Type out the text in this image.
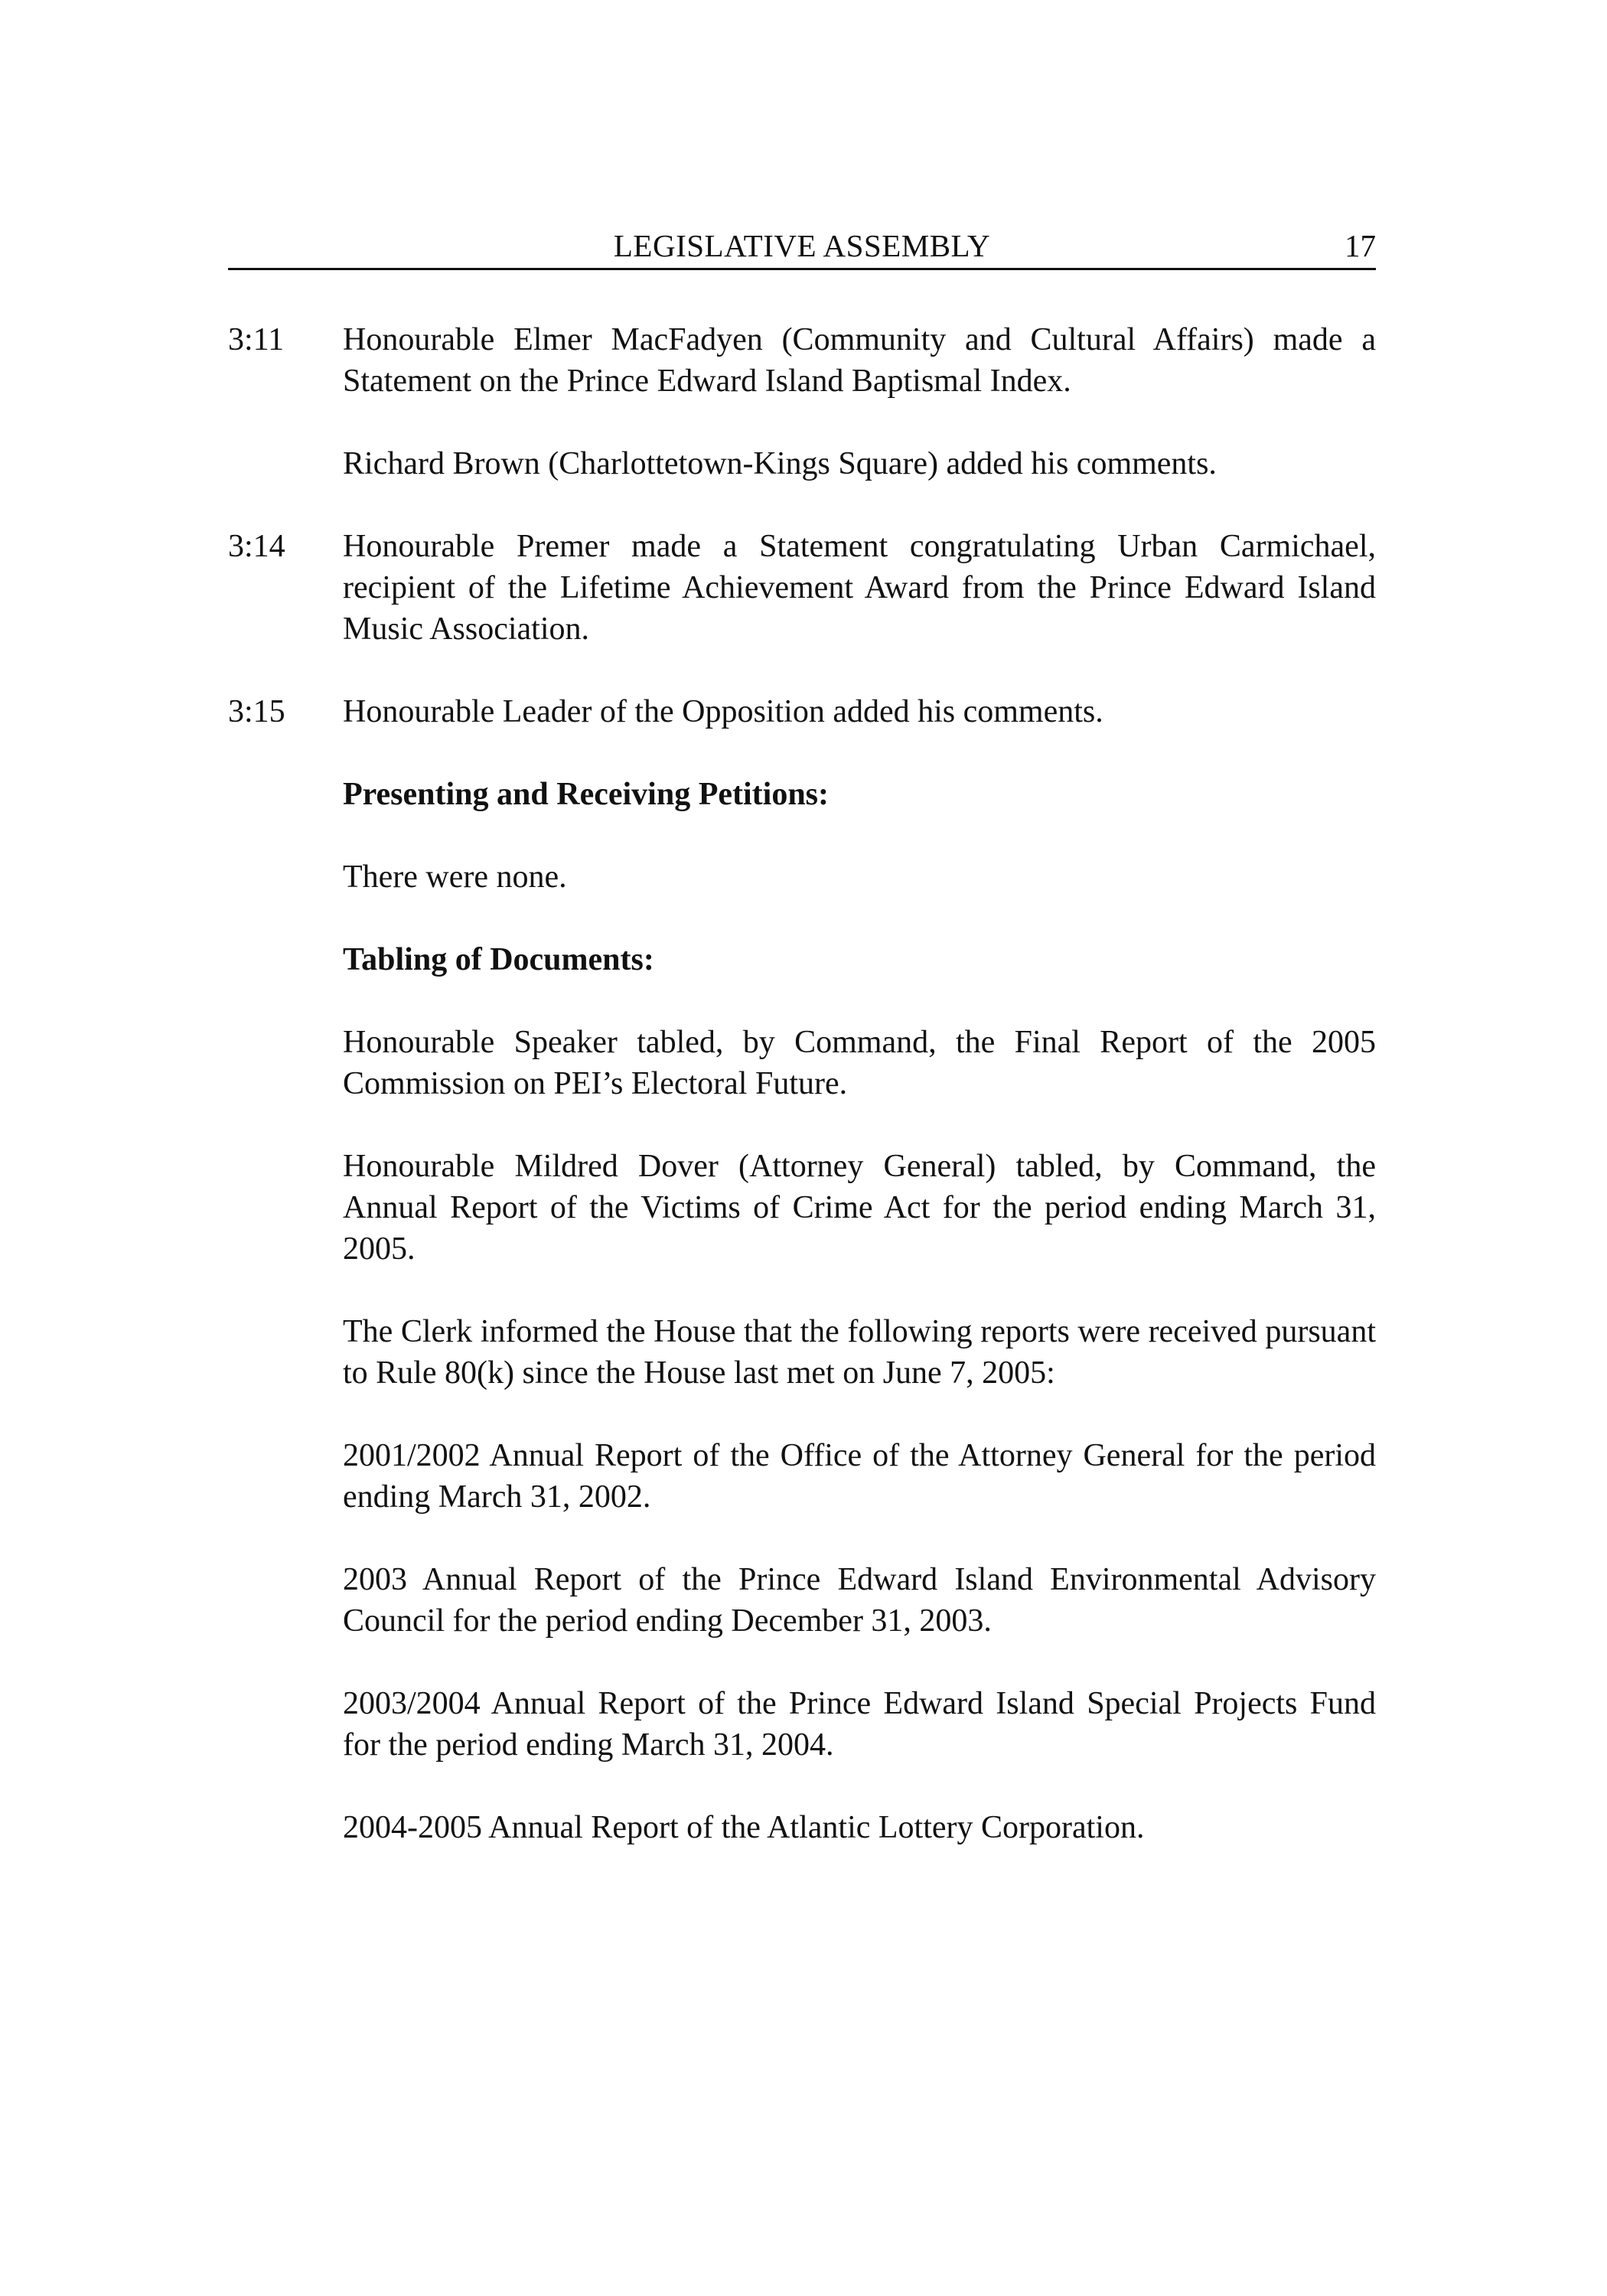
LEGISLATIVE ASSEMBLY	17
3:11	Honourable Elmer MacFadyen (Community and Cultural Affairs) made a Statement on the Prince Edward Island Baptismal Index.
Richard Brown (Charlottetown-Kings Square) added his comments.
3:14	Honourable Premer made a Statement congratulating Urban Carmichael, recipient of the Lifetime Achievement Award from the Prince Edward Island Music Association.
3:15	Honourable Leader of the Opposition added his comments.
Presenting and Receiving Petitions:
There were none.
Tabling of Documents:
Honourable Speaker tabled, by Command, the Final Report of the 2005 Commission on PEI’s Electoral Future.
Honourable Mildred Dover (Attorney General) tabled, by Command, the Annual Report of the Victims of Crime Act for the period ending March 31, 2005.
The Clerk informed the House that the following reports were received pursuant to Rule 80(k) since the House last met on June 7, 2005:
2001/2002 Annual Report of the Office of the Attorney General for the period ending March 31, 2002.
2003 Annual Report of the Prince Edward Island Environmental Advisory Council for the period ending December 31, 2003.
2003/2004 Annual Report of the Prince Edward Island Special Projects Fund for the period ending March 31, 2004.
2004-2005 Annual Report of the Atlantic Lottery Corporation.
